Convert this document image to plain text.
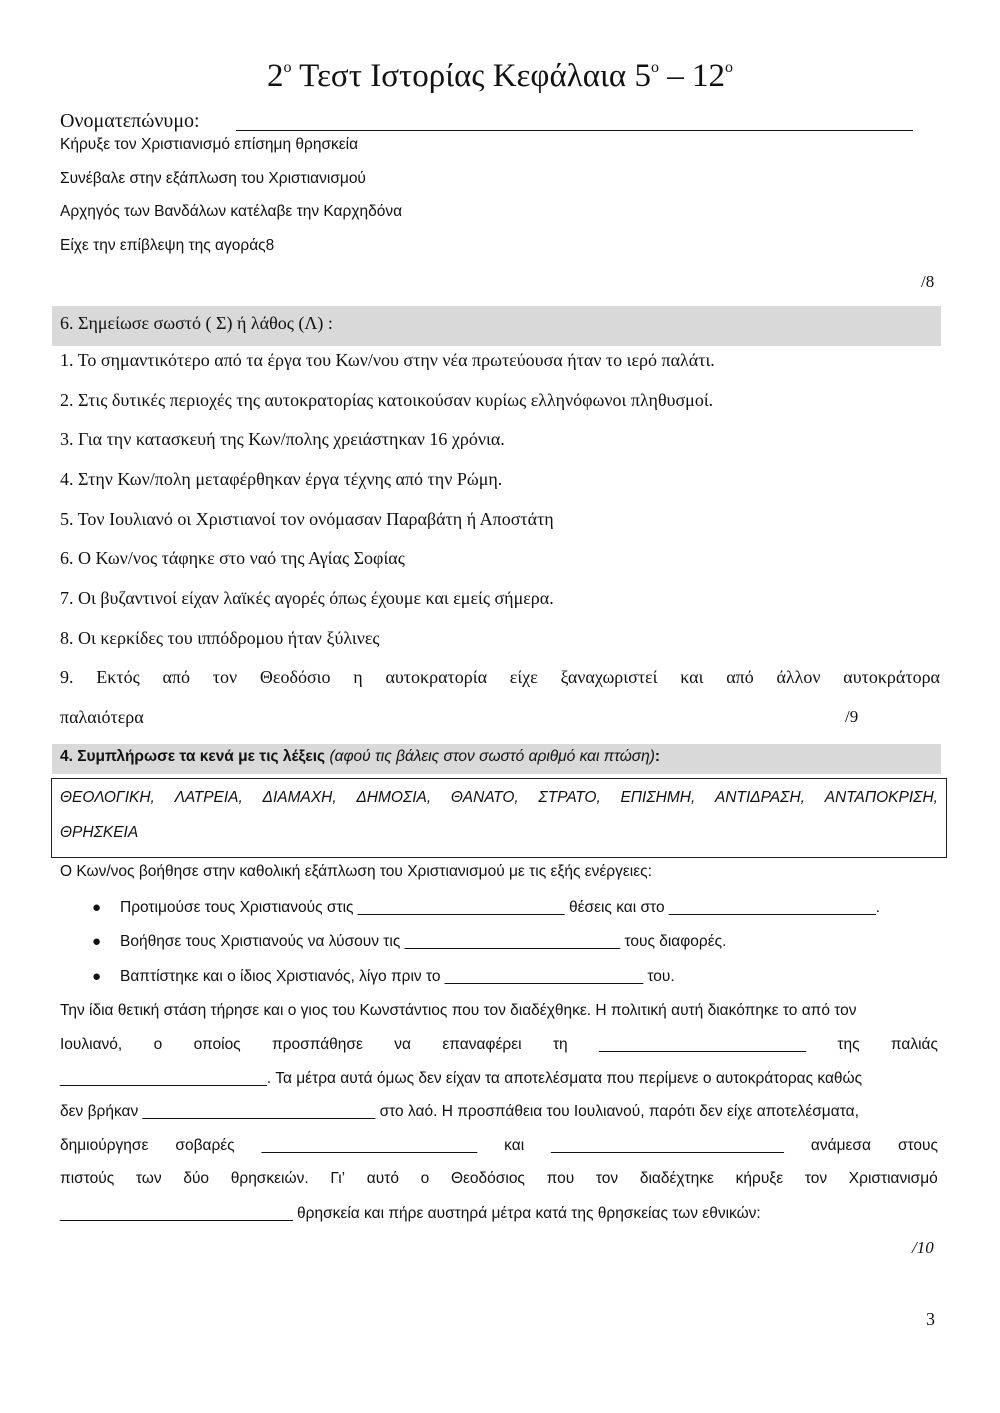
$2^o$ Τεστ Ιστορίας Κεφάλαια $5^o - 12^o$
Ονοματεπώνυμο:
Κήρυξε τον Χριστιανισμό επίσημη θρησκεία
Συνέβαλε στην εξάπλωση του Χριστιανισμού
Αρχηγός των Βανδάλων κατέλαβε την Καρχηδόνα
Είχε την επίβλεψη της αγοράς8
/8
6. Σημείωσε σωστό ( Σ) ή λάθος (Λ) :
1. Το σημαντικότερο από τα έργα του Κων/νου στην νέα πρωτεύουσα ήταν το ιερό παλάτι.
2. Στις δυτικές περιοχές της αυτοκρατορίας κατοικούσαν κυρίως ελληνόφωνοι πληθυσμοί.
3. Για την κατασκευή της Κων/πολης χρειάστηκαν 16 χρόνια.
4. Στην Κων/πολη μεταφέρθηκαν έργα τέχνης από την Ρώμη.
5. Τον Ιουλιανό οι Χριστιανοί τον ονόμασαν Παραβάτη ή Αποστάτη
6. Ο Κων/νος τάφηκε στο ναό της Αγίας Σοφίας
7. Οι βυζαντινοί είχαν λαϊκές αγορές όπως έχουμε και εμείς σήμερα.
8. Οι κερκίδες του ιππόδρομου ήταν ξύλινες
9. Εκτός από τον Θεοδόσιο η αυτοκρατορία είχε ξαναχωριστεί και από άλλον αυτοκράτορα
παλαιότερα	/9
4. Συμπλήρωσε τα κενά με τις λέξεις (αφού τις βάλεις στον σωστό αριθμό και πτώση):
ΘΕΟΛΟΓΙΚΗ, ΛΑΤΡΕΙΑ, ΔΙΑΜΑΧΗ, ΔΗΜΟΣΙΑ, ΘΑΝΑΤΟ, ΣΤΡΑΤΟ, ΕΠΙΣΗΜΗ, ΑΝΤΙΔΡΑΣΗ, ΑΝΤΑΠΟΚΡΙΣΗ,
ΘΡΗΣΚΕΙΑ
Ο Κων/νος βοήθησε στην καθολική εξάπλωση του Χριστιανισμού με τις εξής ενέργειες:
● Προτιμούσε τους Χριστιανούς στις ________________________ θέσεις και στο ________________________.
● Βοήθησε τους Χριστιανούς να λύσουν τις _________________________ τους διαφορές.
● Βαπτίστηκε και ο ίδιος Χριστιανός, λίγο πριν το _______________________ του.
Την ίδια θετική στάση τήρησε και ο γιος του Κωνστάντιος που τον διαδέχθηκε. Η πολιτική αυτή διακόπηκε το από τον
Ιουλιανό, ο οποίος προσπάθησε να επαναφέρει τη ________________________ της παλιάς
________________________. Τα μέτρα αυτά όμως δεν είχαν τα αποτελέσματα που περίμενε ο αυτοκράτορας καθώς
δεν βρήκαν ___________________________ στο λαό. Η προσπάθεια του Ιουλιανού, παρότι δεν είχε αποτελέσματα,
δημιούργησε σοβαρές _________________________ και ___________________________ ανάμεσα στους
πιστούς των δύο θρησκειών. Γι’ αυτό ο Θεοδόσιος που τον διαδέχτηκε κήρυξε τον Χριστιανισμό
___________________________ θρησκεία και πήρε αυστηρά μέτρα κατά της θρησκείας των εθνικών:
/10
3
